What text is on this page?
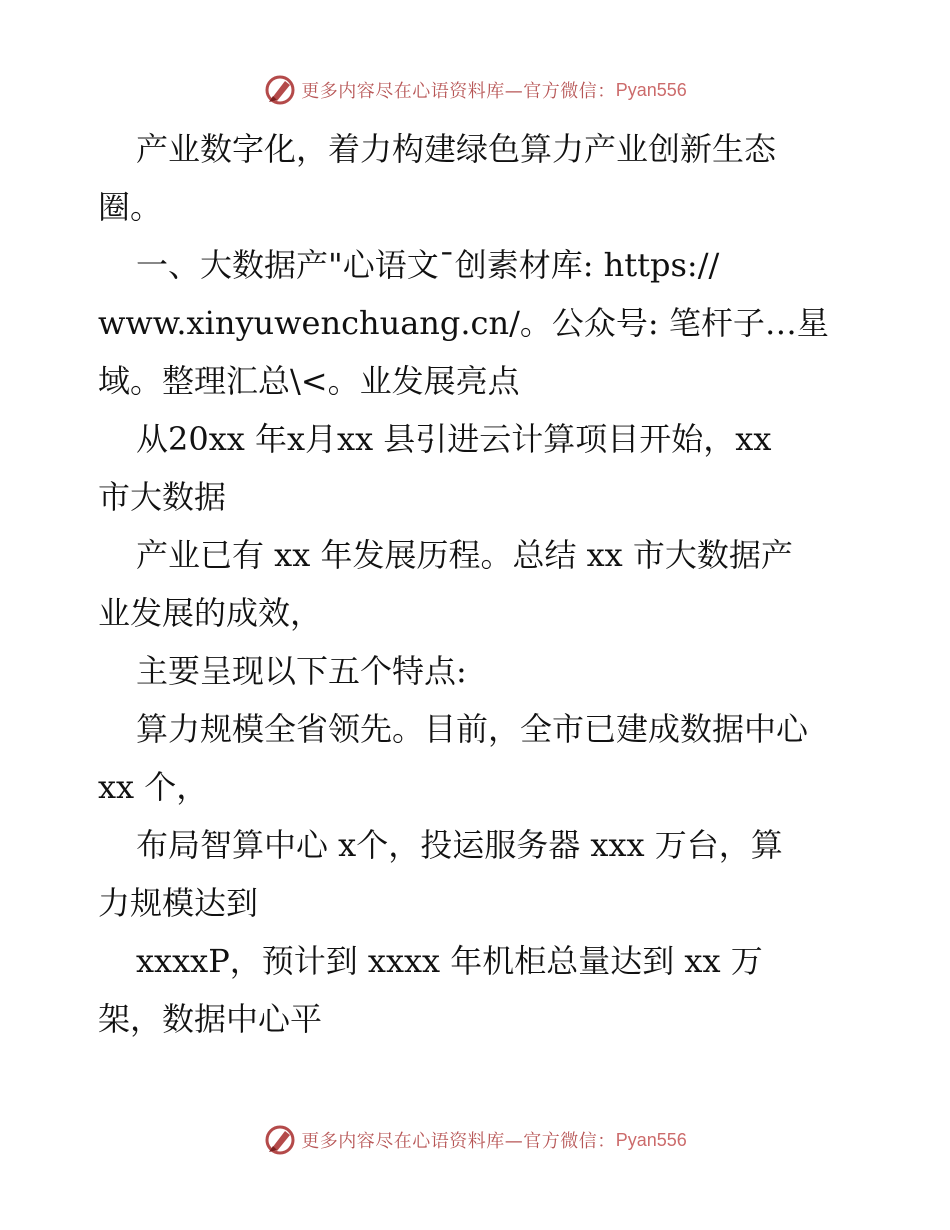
更多内容尽在心语资料库—官方微信： Pyan556
产业数字化，着力构建绿色算力产业创新生态
圈。
一、大数据产"心语文¯创素材库: https://
www.xinyuwenchuang.cn/。公众号: 笔杆子…星
域。整理汇总\<。业发展亮点
从20xx 年x月xx 县引进云计算项目开始，xx
市大数据
产业已有 xx 年发展历程。总结 xx 市大数据产
业发展的成效，
主要呈现以下五个特点:
算力规模全省领先。目前，全市已建成数据中心
xx 个，
布局智算中心 x个，投运服务器 xxx 万台，算
力规模达到
xxxxP，预计到 xxxx 年机柜总量达到 xx 万
架，数据中心平
更多内容尽在心语资料库—官方微信： Pyan556
